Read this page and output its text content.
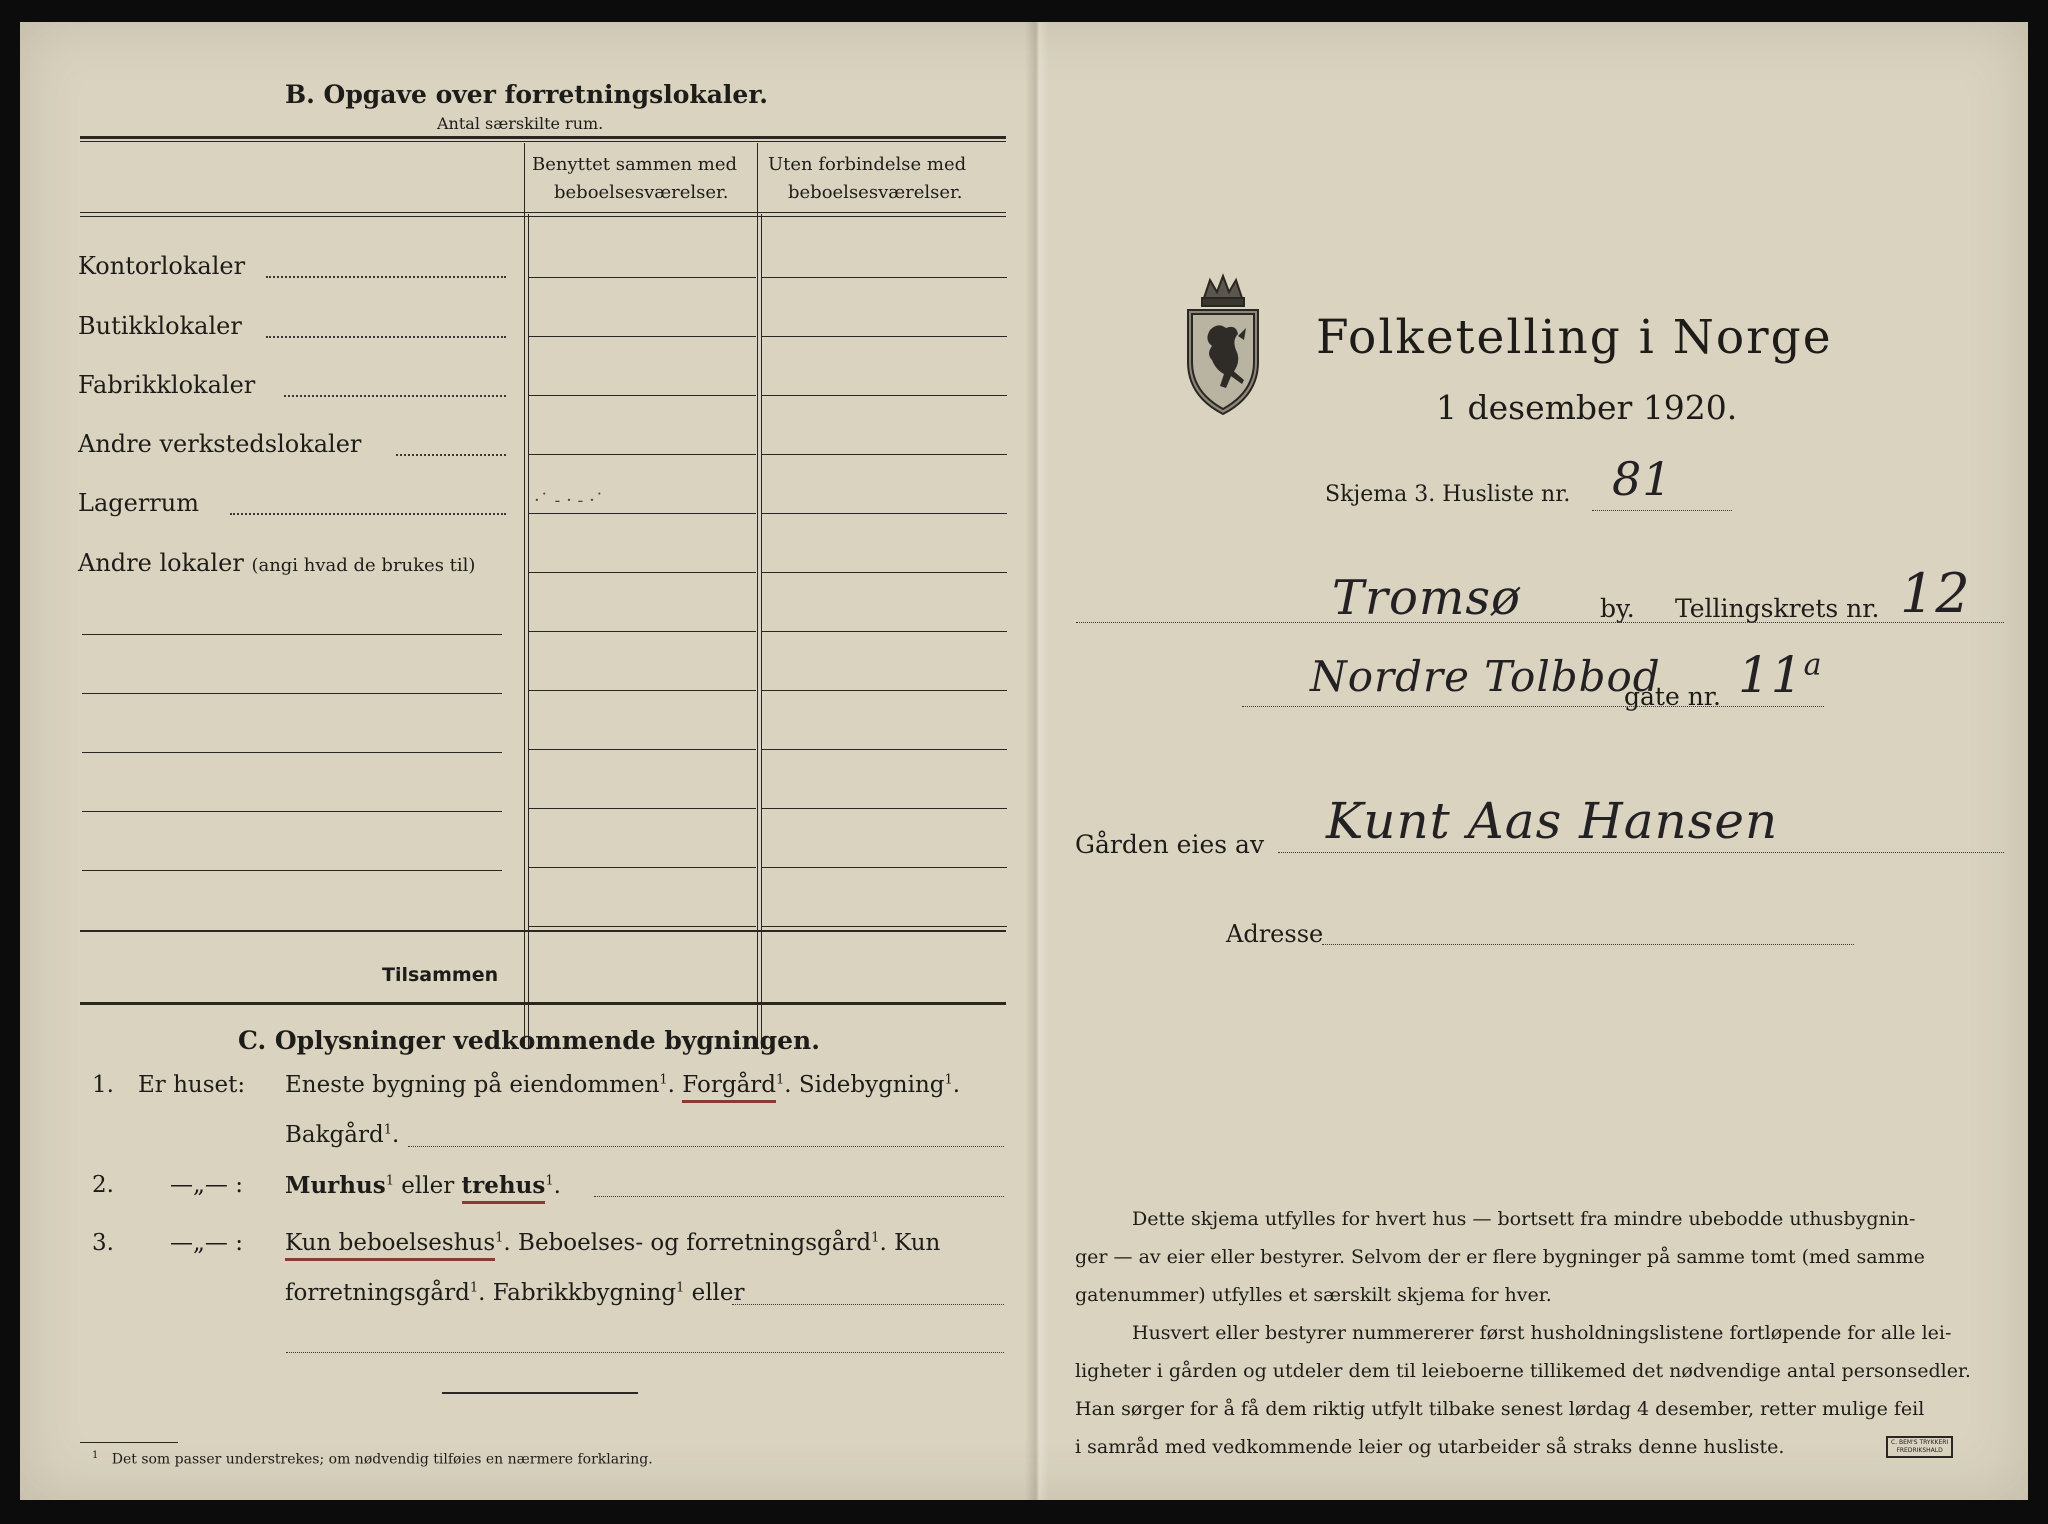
B. Opgave over forretningslokaler.
Antal særskilte rum.
Benyttet sammen med
beboelsesværelser.
Uten forbindelse med
beboelsesværelser.
Kontorlokaler
Butikklokaler
Fabrikklokaler
Andre verkstedslokaler
Lagerrum
Andre lokaler (angi hvad de brukes til)
·˙ ˗ · ˗ ·˙
Tilsammen
C. Oplysninger vedkommende bygningen.
1. Er huset: Eneste bygning på eiendommen$^1$. Forgård$^1$. Sidebygning$^1$.
Bakgård$^1$.
2. —„— : Murhus$^1$ eller trehus$^1$.
3. —„— : Kun beboelseshus$^1$. Beboelses- og forretningsgård$^1$. Kun
forretningsgård$^1$. Fabrikkbygning$^1$ eller
$^1$ Det som passer understrekes; om nødvendig tilføies en nærmere forklaring.
Folketelling i Norge
1 desember 1920.
Skjema 3. Husliste nr. 81
Tromsø	by. Tellingskrets nr. 12
Nordre Tolbbod
gate nr. 11$^a$
Gården eies av Kunt Aas Hansen
Adresse
Dette skjema utfylles for hvert hus — bortsett fra mindre ubebodde uthusbygnin-
ger — av eier eller bestyrer. Selvom der er flere bygninger på samme tomt (med samme
gatenummer) utfylles et særskilt skjema for hver.
Husvert eller bestyrer nummererer først husholdningslistene fortløpende for alle lei-
ligheter i gården og utdeler dem til leieboerne tillikemed det nødvendige antal personsedler.
Han sørger for å få dem riktig utfylt tilbake senest lørdag 4 desember, retter mulige feil
i samråd med vedkommende leier og utarbeider så straks denne husliste.	C. BEM'S TRYKKERI
FREDRIKSHALD
